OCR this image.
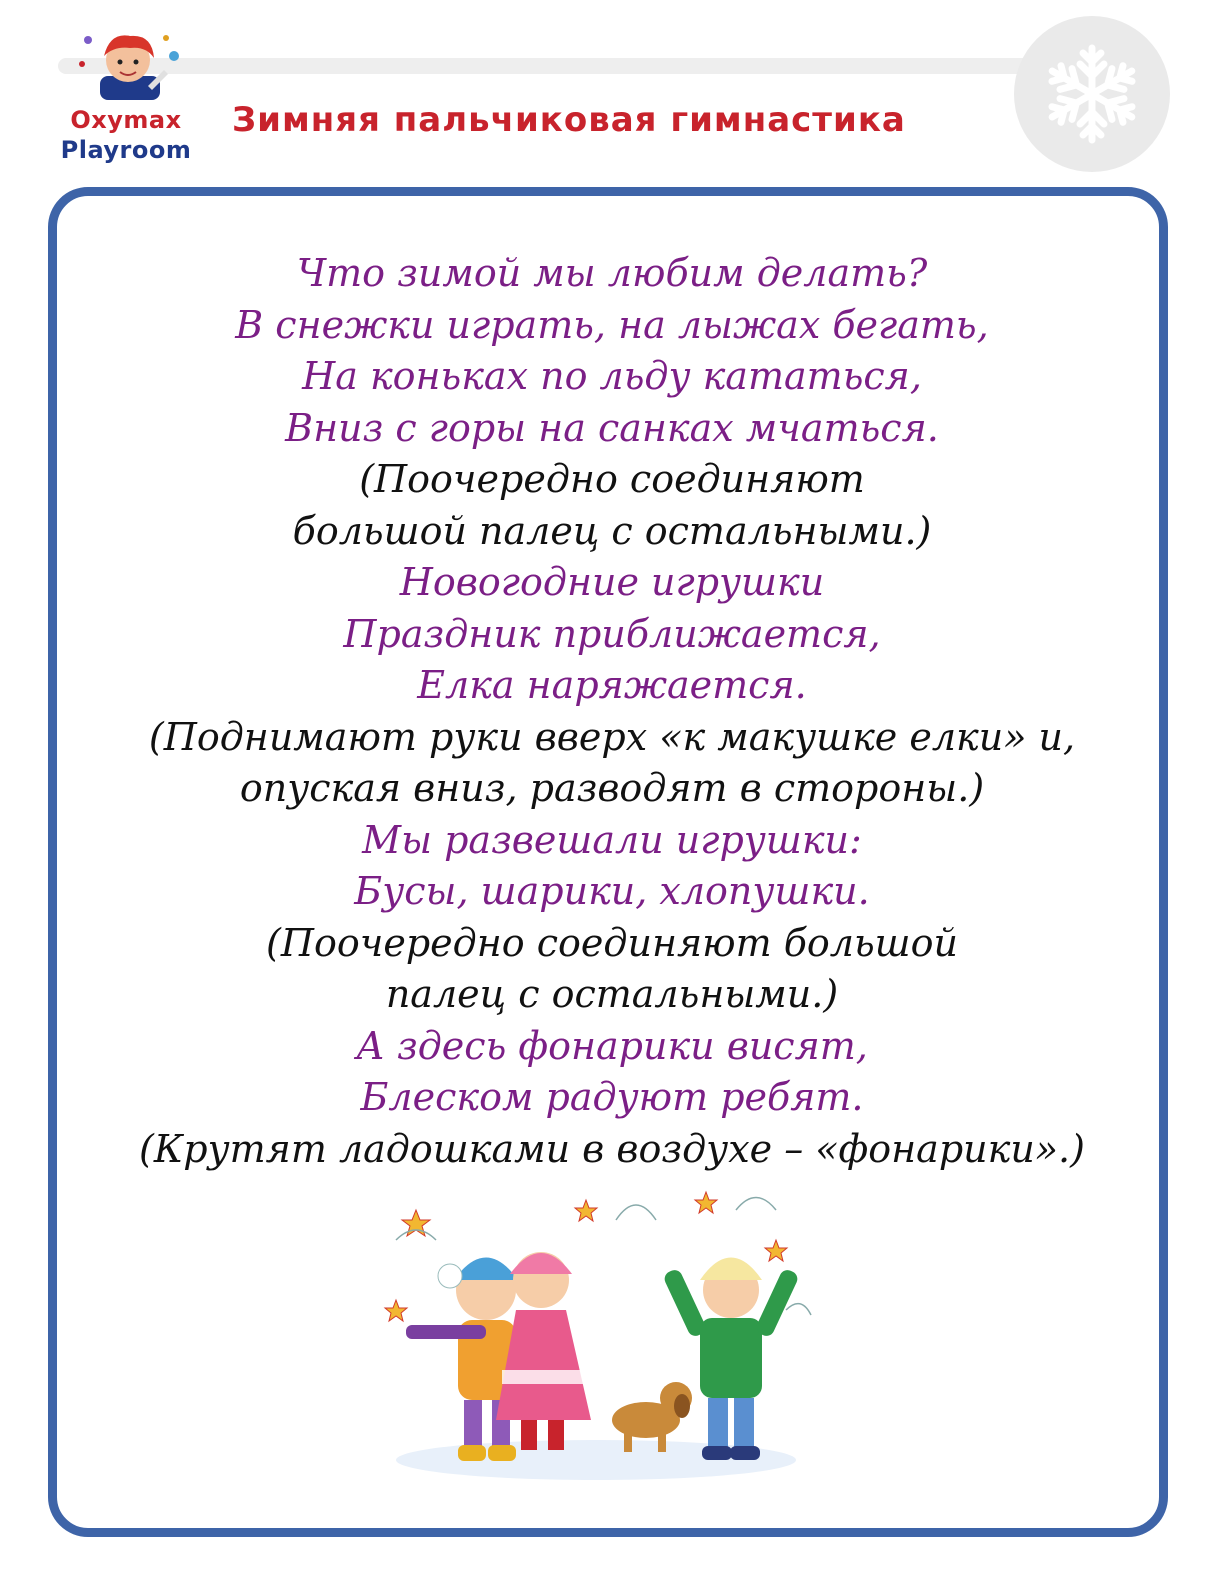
Oxymax
Playroom
Зимняя пальчиковая гимнастика
Что зимой мы любим делать?
В снежки играть, на лыжах бегать,
На коньках по льду кататься,
Вниз с горы на санках мчаться.
(Поочередно соединяют
большой палец с остальными.)
Новогодние игрушки
Праздник приближается,
Елка наряжается.
(Поднимают руки вверх «к макушке елки» и,
опуская вниз, разводят в стороны.)
Мы развешали игрушки:
Бусы, шарики, хлопушки.
(Поочередно соединяют большой
палец с остальными.)
А здесь фонарики висят,
Блеском радуют ребят.
(Крутят ладошками в воздухе – «фонарики».)
